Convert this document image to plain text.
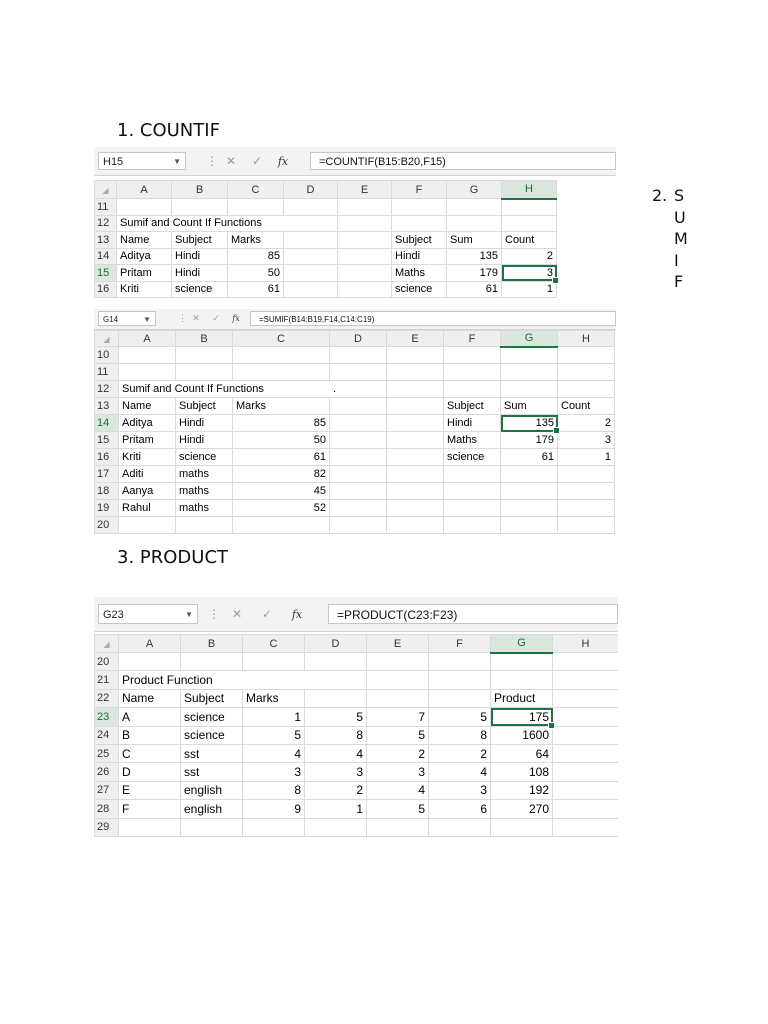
1. COUNTIF
2. S
U
M
I
F
3. PRODUCT
H15	▼ ⋮ ✕ ✓ fx	=COUNTIF(B15:B20,F15)
◢	A	B	C	D	E	F	G	H
11								
12	Sumif and Count If Functions							
13	Name	Subject	Marks			Subject	Sum	Count
14	Aditya	Hindi	85			Hindi	135	2
15	Pritam	Hindi	50			Maths	179	3
16	Kriti	science	61			science	61	1
G14	▼	⋮ ✕ ✓ fx	=SUMIF(B14:B19,F14,C14:C19)
◢	A	B	C	D	E	F	G	H
10								
11								
12	Sumif and Count If Functions			.				
13	Name	Subject	Marks			Subject	Sum	Count
14	Aditya	Hindi	85			Hindi	135	2
15	Pritam	Hindi	50			Maths	179	3
16	Kriti	science	61			science	61	1
17	Aditi	maths	82					
18	Aanya	maths	45					
19	Rahul	maths	52					
20								
G23	▼ ⋮ ✕ ✓ fx	=PRODUCT(C23:F23)
◢	A	B	C	D	E	F	G	H
20								
21	Product Function							
22	Name	Subject	Marks				Product	
23	A	science	1	5	7	5	175	
24	B	science	5	8	5	8	1600	
25	C	sst	4	4	2	2	64	
26	D	sst	3	3	3	4	108	
27	E	english	8	2	4	3	192	
28	F	english	9	1	5	6	270	
29								
